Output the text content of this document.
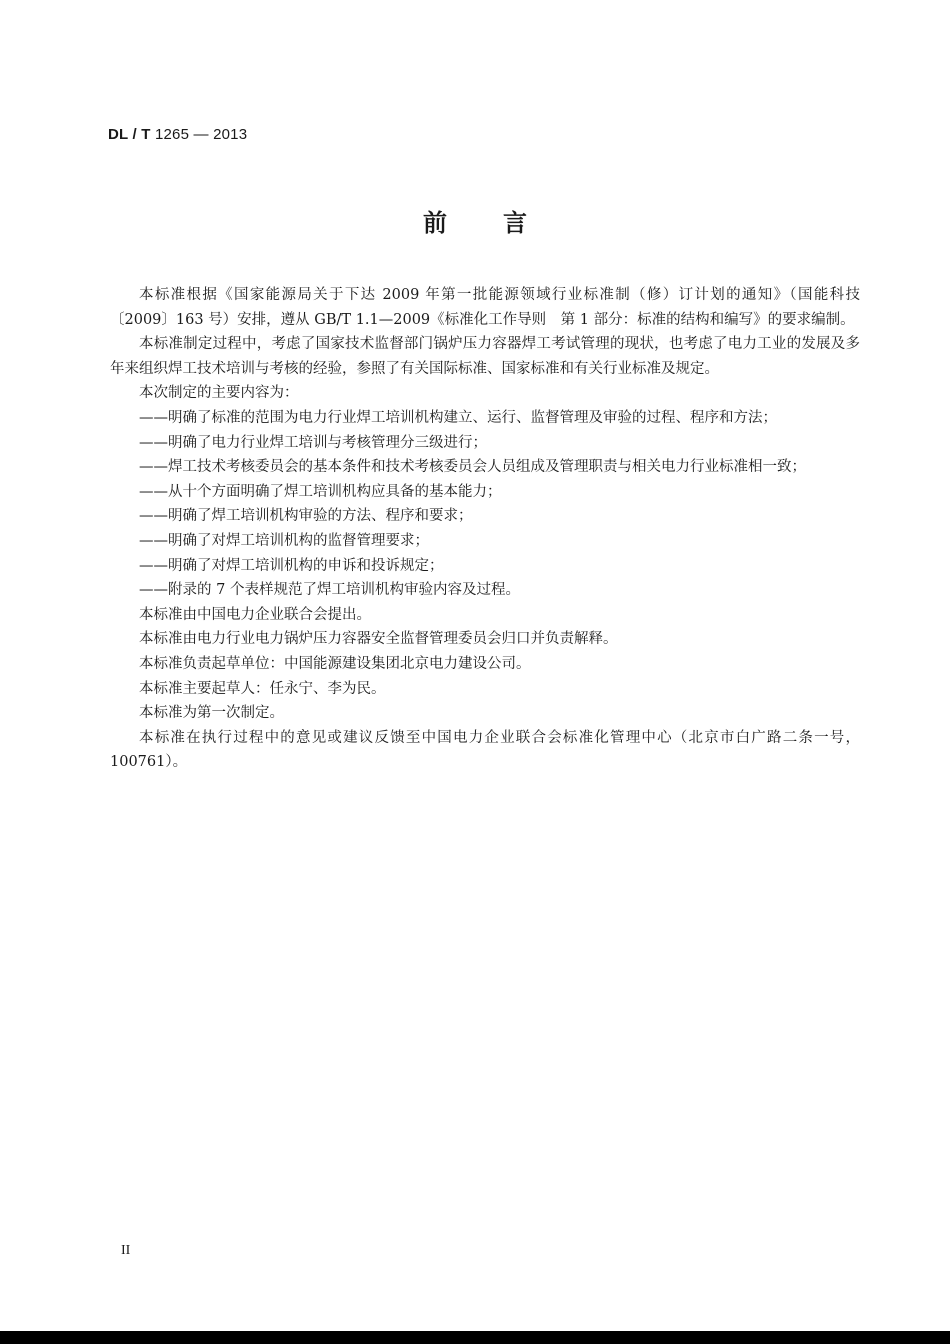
DL / T 1265 — 2013
前言

本标准根据《国家能源局关于下达 2009 年第一批能源领域行业标准制（修）订计划的通知》（国能科技〔2009〕163 号）安排，遵从 GB/T 1.1—2009《标准化工作导则　第 1 部分：标准的结构和编写》的要求编制。

本标准制定过程中，考虑了国家技术监督部门锅炉压力容器焊工考试管理的现状，也考虑了电力工业的发展及多年来组织焊工技术培训与考核的经验，参照了有关国际标准、国家标准和有关行业标准及规定。

本次制定的主要内容为：

——明确了标准的范围为电力行业焊工培训机构建立、运行、监督管理及审验的过程、程序和方法；

——明确了电力行业焊工培训与考核管理分三级进行；

——焊工技术考核委员会的基本条件和技术考核委员会人员组成及管理职责与相关电力行业标准相一致；

——从十个方面明确了焊工培训机构应具备的基本能力；

——明确了焊工培训机构审验的方法、程序和要求；

——明确了对焊工培训机构的监督管理要求；

——明确了对焊工培训机构的申诉和投诉规定；

——附录的 7 个表样规范了焊工培训机构审验内容及过程。

本标准由中国电力企业联合会提出。

本标准由电力行业电力锅炉压力容器安全监督管理委员会归口并负责解释。

本标准负责起草单位：中国能源建设集团北京电力建设公司。

本标准主要起草人：任永宁、李为民。

本标准为第一次制定。

本标准在执行过程中的意见或建议反馈至中国电力企业联合会标准化管理中心（北京市白广路二条一号，100761）。

II
